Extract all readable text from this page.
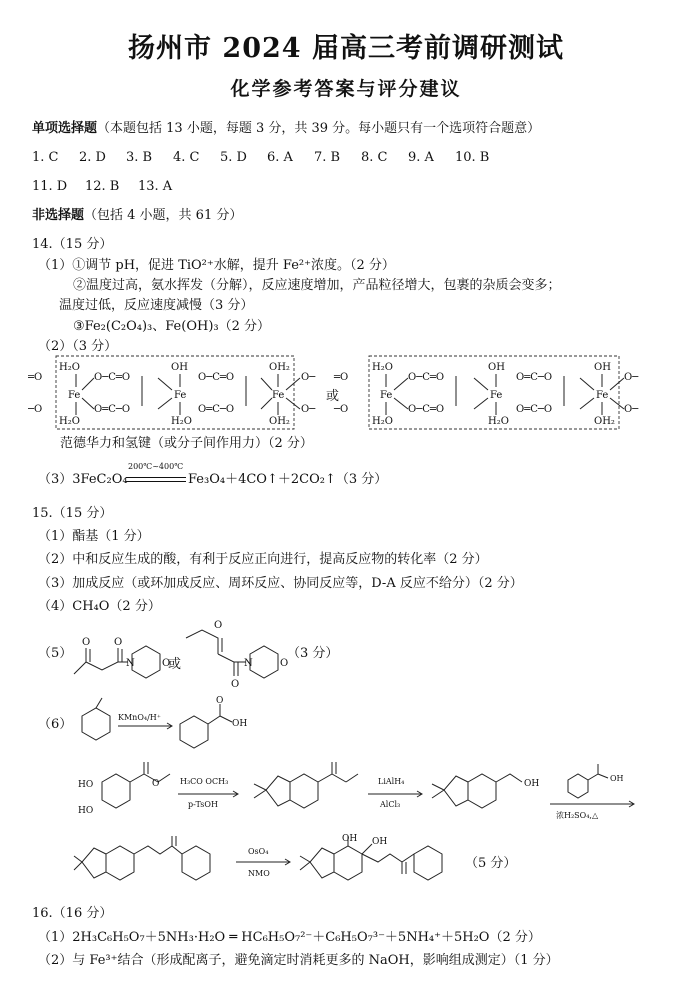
扬州市 2024 届高三考前调研测试
化学参考答案与评分建议
单项选择题（本题包括 13 小题，每题 3 分，共 39 分。每小题只有一个选项符合题意）
1. C 2. D 3. B 4. C 5. D 6. A 7. B 8. C 9. A 10. B
11. D 12. B 13. A
非选择题（包括 4 小题，共 61 分）
14.（15 分）
（1）①调节 pH，促进 TiO²⁺水解，提升 Fe²⁺浓度。（2 分）
②温度过高，氨水挥发（分解），反应速度增加，产品粒径增大，包裹的杂质会变多；
温度过低，反应速度减慢（3 分）
③Fe₂(C₂O₄)₃、Fe(OH)₃（2 分）
（2）（3 分）
H₂O
H₂O
Fe
OH
H₂O
Fe
OH₂
OH₂
Fe
═O
─O
O─C═O
O═C─O
O─C═O
O═C─O
O─
O─
或
H₂O
H₂O
Fe
OH
H₂O
Fe
OH
OH₂
Fe
═O
─O
O─C═O
O─C═O
O═C─O
O═C─O
O─
O─
范德华力和氢键（或分子间作用力）（2 分）
（3）3FeC₂O₄
200℃~400℃
Fe₃O₄＋4CO↑＋2CO₂↑（3 分）
15.（15 分）
（1）酯基（1 分）
（2）中和反应生成的酸，有利于反应正向进行，提高反应物的转化率（2 分）
（3）加成反应（或环加成反应、周环反应、协同反应等，D-A 反应不给分）（2 分）
（4）CH₄O（2 分）
（5）
O O
N	O
或
O
O
N	O
（3 分）
（6）	KMnO₄/H⁺
O
OH
HO
HO
O	H₃CO OCH₃
p-TsOH
LiAlH₄
AlCl₃
OH
OH
浓H₂SO₄,△
OsO₄
NMO
OH OH
（5 分）
16.（16 分）
（1）2H₃C₆H₅O₇＋5NH₃·H₂O ═ HC₆H₅O₇²⁻＋C₆H₅O₇³⁻＋5NH₄⁺＋5H₂O（2 分）
（2）与 Fe³⁺结合（形成配离子，避免滴定时消耗更多的 NaOH，影响组成测定）（1 分）
